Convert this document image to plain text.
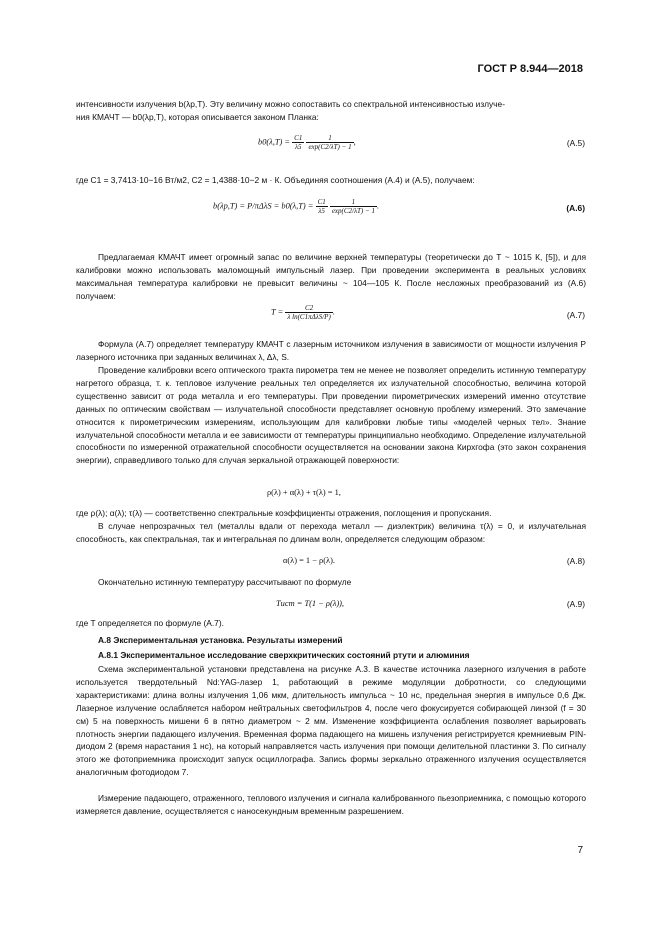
ГОСТ Р 8.944—2018

интенсивности излучения b(λp,T). Эту величину можно сопоставить со спектральной интенсивностью излуче-

ния КМАЧТ — b0(λp,T), которая описывается законом Планка:

$b0(\lambda,T) = \frac{C1}{\lambda 5}$
$\frac{1}{\exp(C2/\lambda T) - 1}$ ,	(A.5)

где C1 = 3,7413·10−16 Вт/м2, C2 = 1,4388·10−2 м · К. Объединяя соотношения (A.4) и (A.5), получаем:

$b(\lambda p,T) = P/\pi\Delta\lambda S = b0(\lambda,T) = \frac{C1}{\lambda 5}$
$\frac{1}{\exp(C2/\lambda T) - 1}$ .	(A.6)

Предлагаемая КМАЧТ имеет огромный запас по величине верхней температуры (теоретически до Т ~ 1015 К, [5]), и для калибровки можно использовать маломощный импульсный лазер. При проведении эксперимента в реальных условиях максимальная температура калибровки не превысит величины ~ 104—105 К. После несложных преобразований из (A.6) получаем:

$T = \frac{C2}{\text{λ ln(C1πΔλS/P)}}$ .	(A.7)

Формула (A.7) определяет температуру КМАЧТ с лазерным источником излучения в зависимости от мощности излучения P лазерного источника при заданных величинах λ, Δλ, S.

Проведение калибровки всего оптического тракта пирометра тем не менее не позволяет определить истинную температуру нагретого образца, т. к. тепловое излучение реальных тел определяется их излучательной способностью, величина которой существенно зависит от рода металла и его температуры. При проведении пирометрических измерений именно отсутствие данных по оптическим свойствам — излучательной способности представляет основную проблему измерений. Это замечание относится к пирометрическим измерениям, использующим для калибровки любые типы «моделей черных тел». Знание излучательной способности металла и ее зависимости от температуры принципиально необходимо. Определение излучательной способности по измеренной отражательной способности осуществляется на основании закона Кирхгофа (это закон сохранения энергии), справедливого только для случая зеркальной отражающей поверхности:

ρ(λ) + α(λ) + τ(λ) = 1,

где ρ(λ); α(λ); τ(λ) — соответственно спектральные коэффициенты отражения, поглощения и пропускания.

В случае непрозрачных тел (металлы вдали от перехода металл — диэлектрик) величина τ(λ) = 0, и излучательная способность, как спектральная, так и интегральная по длинам волн, определяется следующим образом:

α(λ) = 1 − ρ(λ).	(A.8)

Окончательно истинную температуру рассчитывают по формуле

Tист = T(1 − ρ(λ)),	(A.9)

где T определяется по формуле (A.7).

A.8 Экспериментальная установка. Результаты измерений

A.8.1 Экспериментальное исследование сверхкритических состояний ртути и алюминия

Схема экспериментальной установки представлена на рисунке A.3. В качестве источника лазерного излучения в работе используется твердотельный Nd:YAG-лазер 1, работающий в режиме модуляции добротности, со следующими характеристиками: длина волны излучения 1,06 мкм, длительность импульса ~ 10 нс, предельная энергия в импульсе 0,6 Дж. Лазерное излучение ослабляется набором нейтральных светофильтров 4, после чего фокусируется собирающей линзой (f = 30 см) 5 на поверхность мишени 6 в пятно диаметром ~ 2 мм. Изменение коэффициента ослабления позволяет варьировать плотность энергии падающего излучения. Временная форма падающего на мишень излучения регистрируется кремниевым PIN-диодом 2 (время нарастания 1 нс), на который направляется часть излучения при помощи делительной пластинки 3. По сигналу этого же фотоприемника происходит запуск осциллографа. Запись формы зеркально отраженного излучения осуществляется аналогичным фотодиодом 7.

Измерение падающего, отраженного, теплового излучения и сигнала калиброванного пьезоприемника, с помощью которого измеряется давление, осуществляется с наносекундным временным разрешением.

7
